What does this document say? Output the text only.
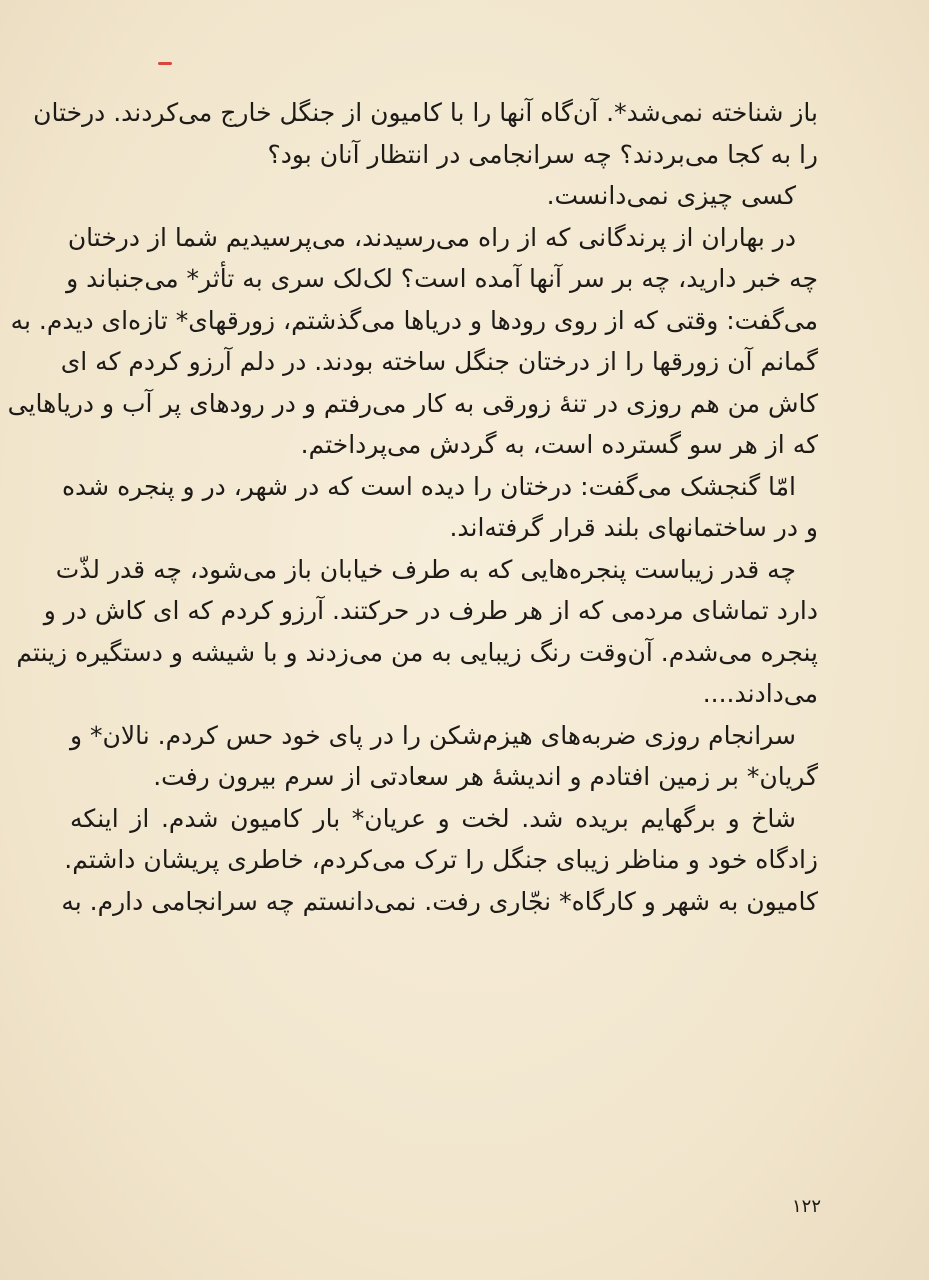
باز شناخته نمی‌شد*. آن‌گاه آنها را با کامیون از جنگل خارج می‌کردند. درختان
را به کجا می‌بردند؟ چه سرانجامی در انتظار آنان بود؟
کسی چیزی نمی‌دانست.
در بهاران از پرندگانی که از راه می‌رسیدند، می‌پرسیدیم شما از درختان
چه خبر دارید، چه بر سر آنها آمده است؟ لک‌لک سری به تأثر* می‌جنباند و
می‌گفت: وقتی که از روی رودها و دریاها می‌گذشتم، زورقهای* تازه‌ای دیدم. به
گمانم آن زورقها را از درختان جنگل ساخته بودند. در دلم آرزو کردم که ای
کاش من هم روزی در تنهٔ زورقی به کار می‌رفتم و در رودهای پر آب و دریاهایی
که از هر سو گسترده است، به گردش می‌پرداختم.
امّا گنجشک می‌گفت: درختان را دیده است که در شهر، در و پنجره شده
و در ساختمانهای بلند قرار گرفته‌اند.
چه قدر زیباست پنجره‌هایی که به طرف خیابان باز می‌شود، چه قدر لذّت
دارد تماشای مردمی که از هر طرف در حرکتند. آرزو کردم که ای کاش در و
پنجره می‌شدم. آن‌وقت رنگ زیبایی به من می‌زدند و با شیشه و دستگیره زینتم
می‌دادند....
سرانجام روزی ضربه‌های هیزم‌شکن را در پای خود حس کردم. نالان* و
گریان* بر زمین افتادم و اندیشهٔ هر سعادتی از سرم بیرون رفت.
شاخ و برگهایم بریده شد. لخت و عریان* بار کامیون شدم. از اینکه
زادگاه خود و مناظر زیبای جنگل را ترک می‌کردم، خاطری پریشان داشتم.
کامیون به شهر و کارگاه* نجّاری رفت. نمی‌دانستم چه سرانجامی دارم. به
۱۲۲
